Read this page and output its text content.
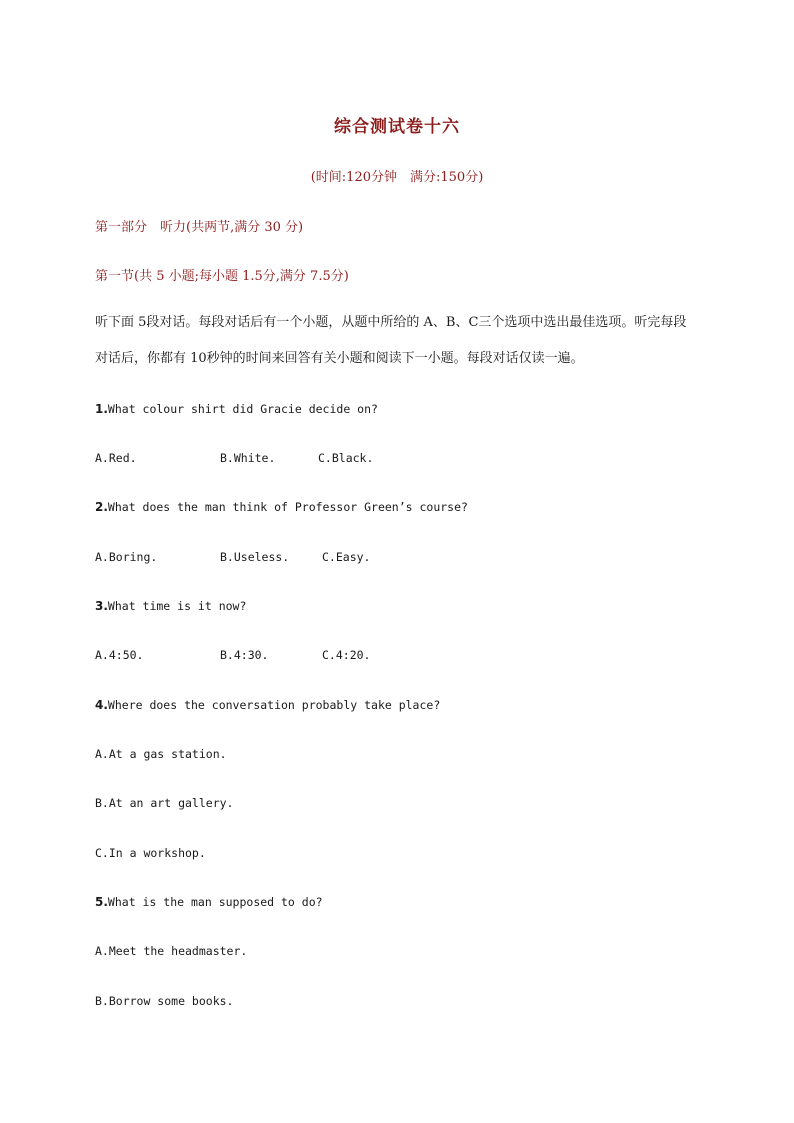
综合测试卷十六
(时间:120分钟　满分:150分)
第一部分　听力(共两节,满分 30 分)
第一节(共 5 小题;每小题 1.5分,满分 7.5分)
听下面 5段对话。每段对话后有一个小题，从题中所给的 A、B、C三个选项中选出最佳选项。听完每段对话后，你都有 10秒钟的时间来回答有关小题和阅读下一小题。每段对话仅读一遍。
1.What colour shirt did Gracie decide on?
A.Red.	B.White.	C.Black.
2.What does the man think of Professor Green’s course?
A.Boring.	B.Useless.	C.Easy.
3.What time is it now?
A.4:50.	B.4:30.	C.4:20.
4.Where does the conversation probably take place?
A.At a gas station.
B.At an art gallery.
C.In a workshop.
5.What is the man supposed to do?
A.Meet the headmaster.
B.Borrow some books.
